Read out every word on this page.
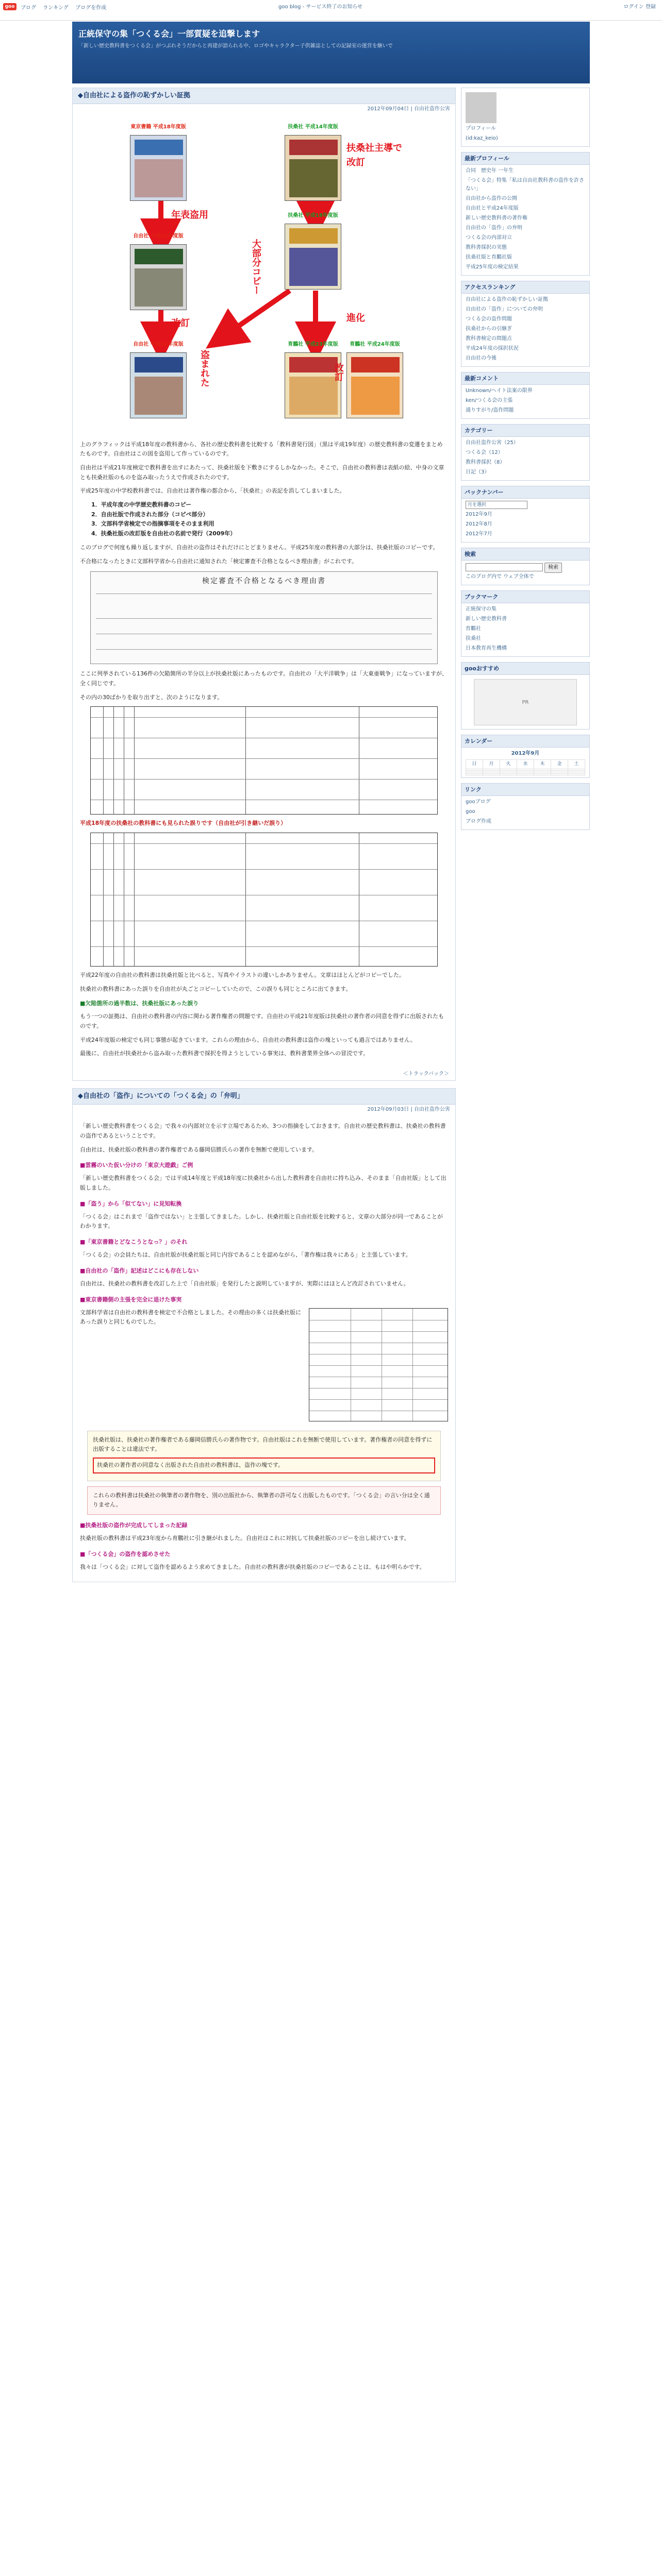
goo	ブログ ランキング ブログを作成	goo blog - サービス終了のお知らせ	ログイン 登録
正統保守の集「つくる会」一部質疑を追撃します
「新しい歴史教科書をつくる会」がつぶれそうだからと再建が語られる中、ロゴやキャラクター子供雑誌としての記録室の運営を継いで
◆自由社による盗作の恥ずかしい証拠
2012年09月04日 | 自由社盗作公害
東京書籍 平成18年度版	扶桑社 平成14年度版
扶桑社主導で改訂
扶桑社 平成18年度版
年表盗用
自由社 平成21年度版
大部分コピー
進化
育鵬社 平成23年度版
改訂
自由社 平成24年度版	育鵬社 平成24年度版
盗まれた	改訂
上のグラフィックは平成18年度の教科書から、各社の歴史教科書を比較する「教科書発行図」（黒は平成19年度）の歴史教科書の変遷をまとめたものです。自由社はこの図を盗用して作っているのです。
自由社は平成21年度検定で教科書を出すにあたって、扶桑社版を下敷きにするしかなかった。そこで、自由社の教科書は表紙の絵、中身の文章とも扶桑社版のものを盗み取ったうえで作成されたのです。
平成25年度の中学校教科書では、自由社は著作権の都合から、「扶桑社」の表記を消してしまいました。
1．平成年度の中学歴史教科書のコピー
2．自由社版で作成された部分（コピペ部分）
3．文部科学省検定での指摘事項をそのまま利用
4．扶桑社版の改訂版を自由社の名前で発行（2009年）
このブログで何度も繰り返しますが、自由社の盗作はそれだけにとどまりません。平成25年度の教科書の大部分は、扶桑社版のコピーです。
不合格になったときに文部科学省から自由社に通知された「検定審査不合格となるべき理由書」がこれです。
検定審査不合格となるべき理由書
ここに列挙されている136件の欠陥箇所の半分以上が扶桑社版にあったものです。自由社の「大平洋戦争」は「大東亜戦争」になっていますが、全く同じです。
その内の30ばかりを取り出すと、次のようになります。
平成18年度の扶桑社の教科書にも見られた誤りです（自由社が引き継いだ誤り）
平成22年度の自由社の教科書は扶桑社版と比べると、写真やイラストの違いしかありません。文章はほとんどがコピーでした。
扶桑社の教科書にあった誤りを自由社が丸ごとコピーしていたので、この誤りも同じところに出てきます。
■欠陥箇所の過半数は、扶桑社版にあった誤り
もう一つの証拠は、自由社の教科書の内容に関わる著作権者の問題です。自由社の平成21年度版は扶桑社の著作者の同意を得ずに出版されたものです。
平成24年度版の検定でも同じ事態が起きています。これらの理由から、自由社の教科書は盗作の塊といっても過言ではありません。
最後に、自由社が扶桑社から盗み取った教科書で採択を得ようとしている事実は、教科書業界全体への冒涜です。
＜トラックバック＞
◆自由社の「盗作」についての「つくる会」の「弁明」
2012年09月03日 | 自由社盗作公害
「新しい歴史教科書をつくる会」で我々の内部対立を示す立場であるため、3つの指摘をしておきます。自由社の歴史教科書は、扶桑社の教科書の盗作であるということです。
自由社は、扶桑社版の教科書の著作権者である藤岡信勝氏らの著作を無断で使用しています。
■雲霧のいた仮い分けの「東京大遊戯」ご例
「新しい歴史教科書をつくる会」では平成14年度と平成18年度に扶桑社から出した教科書を自由社に持ち込み、そのまま「自由社版」として出版しました。
■「盗う」から「似てない」に見知転換
「つくる会」はこれまで「盗作ではない」と主張してきました。しかし、扶桑社版と自由社版を比較すると、文章の大部分が同一であることがわかります。
■「東京書籍とどなこうとなっ？」のそれ
「つくる会」の会員たちは、自由社版が扶桑社版と同じ内容であることを認めながら、「著作権は我々にある」と主張しています。
■自由社の「盗作」記述はどこにも存在しない
自由社は、扶桑社の教科書を改訂した上で「自由社版」を発行したと説明していますが、実際にはほとんど改訂されていません。
■東京書籍側の主張を完全に退けた事実
文部科学省は自由社の教科書を検定で不合格としました。その理由の多くは扶桑社版にあった誤りと同じものでした。
扶桑社版は、扶桑社の著作権者である藤岡信勝氏らの著作物です。自由社版はこれを無断で使用しています。著作権者の同意を得ずに出版することは違法です。
扶桑社の著作者の同意なく出版された自由社の教科書は、盗作の塊です。
これらの教科書は扶桑社の執筆者の著作物を、別の出版社から、執筆者の許可なく出版したものです。「つくる会」の言い分は全く通りません。
■扶桑社版の盗作が完成してしまった記録
扶桑社版の教科書は平成23年度から育鵬社に引き継がれました。自由社はこれに対抗して扶桑社版のコピーを出し続けています。
■「つくる会」の盗作を認めさせた
我々は「つくる会」に対して盗作を認めるよう求めてきました。自由社の教科書が扶桑社版のコピーであることは、もはや明らかです。
プロフィール
(id:kaz_keio)
最新プロフィール
合同　歴史年 一年生
「つくる会」特集「私は自由社教科書の盗作を許さない」
自由社から盗作の公開
自由社と平成24年度版
新しい歴史教科書の著作権
自由社の「盗作」の弁明
つくる会の内部対立
教科書採択の実態
扶桑社版と育鵬社版
平成25年度の検定結果
アクセスランキング
自由社による盗作の恥ずかしい証拠
自由社の「盗作」についての弁明
つくる会の盗作問題
扶桑社からの引継ぎ
教科書検定の問題点
平成24年度の採択状況
自由社の今後
最新コメント
Unknown/ヘイト法案の限界
ken/つくる会の主張
通りすがり/盗作問題
カテゴリー
自由社盗作公害（25）
つくる会（12）
教科書採択（8）
日記（3）
バックナンバー
月を選択
2012年9月
2012年8月
2012年7月
検索
検索
このブログ内で ウェブ全体で
ブックマーク
正統保守の集
新しい歴史教科書
育鵬社
扶桑社
日本教育再生機構
gooおすすめ
PR
カレンダー
2012年9月
日	月	火	水	木	金	土

リンク
gooブログ
goo
ブログ作成
